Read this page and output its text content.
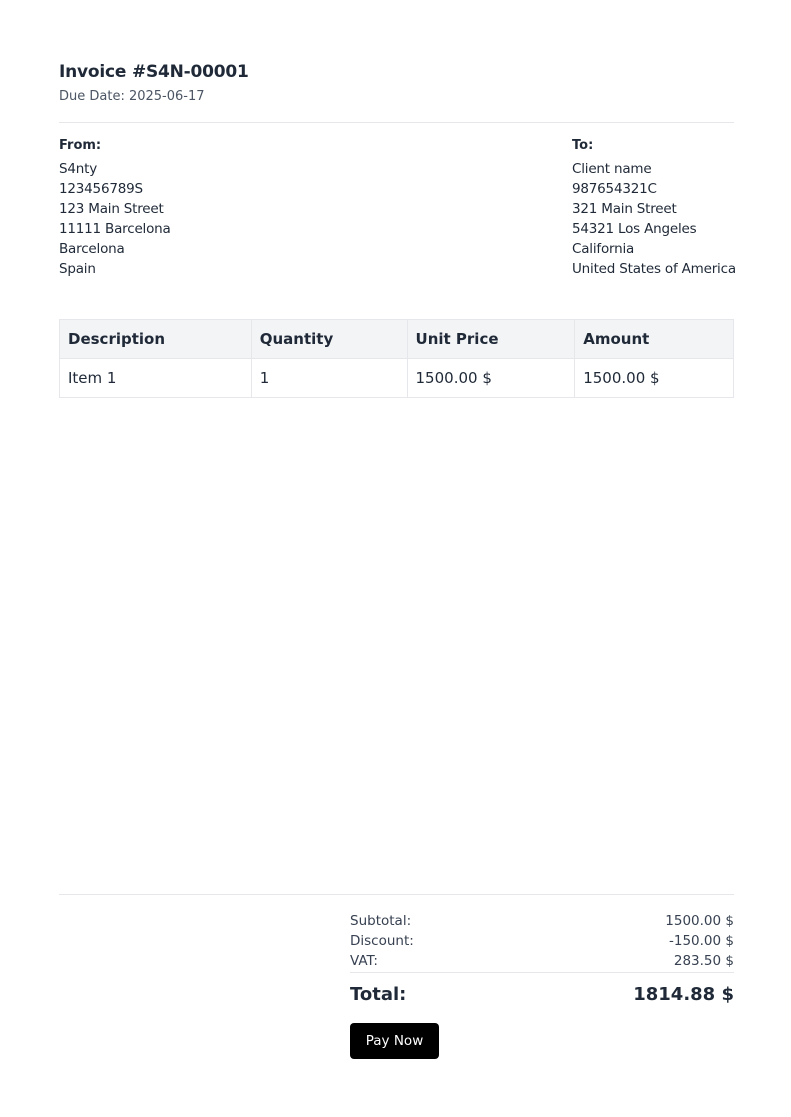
Invoice #S4N-00001
Due Date: 2025-06-17
From:
S4nty
123456789S
123 Main Street
11111 Barcelona
Barcelona
Spain
To:
Client name
987654321C
321 Main Street
54321 Los Angeles
California
United States of America
Description	Quantity	Unit Price	Amount
Item 1	1	1500.00 $	1500.00 $
Subtotal:	1500.00 $
Discount:	-150.00 $
VAT:	283.50 $
Total:	1814.88 $
Pay Now
